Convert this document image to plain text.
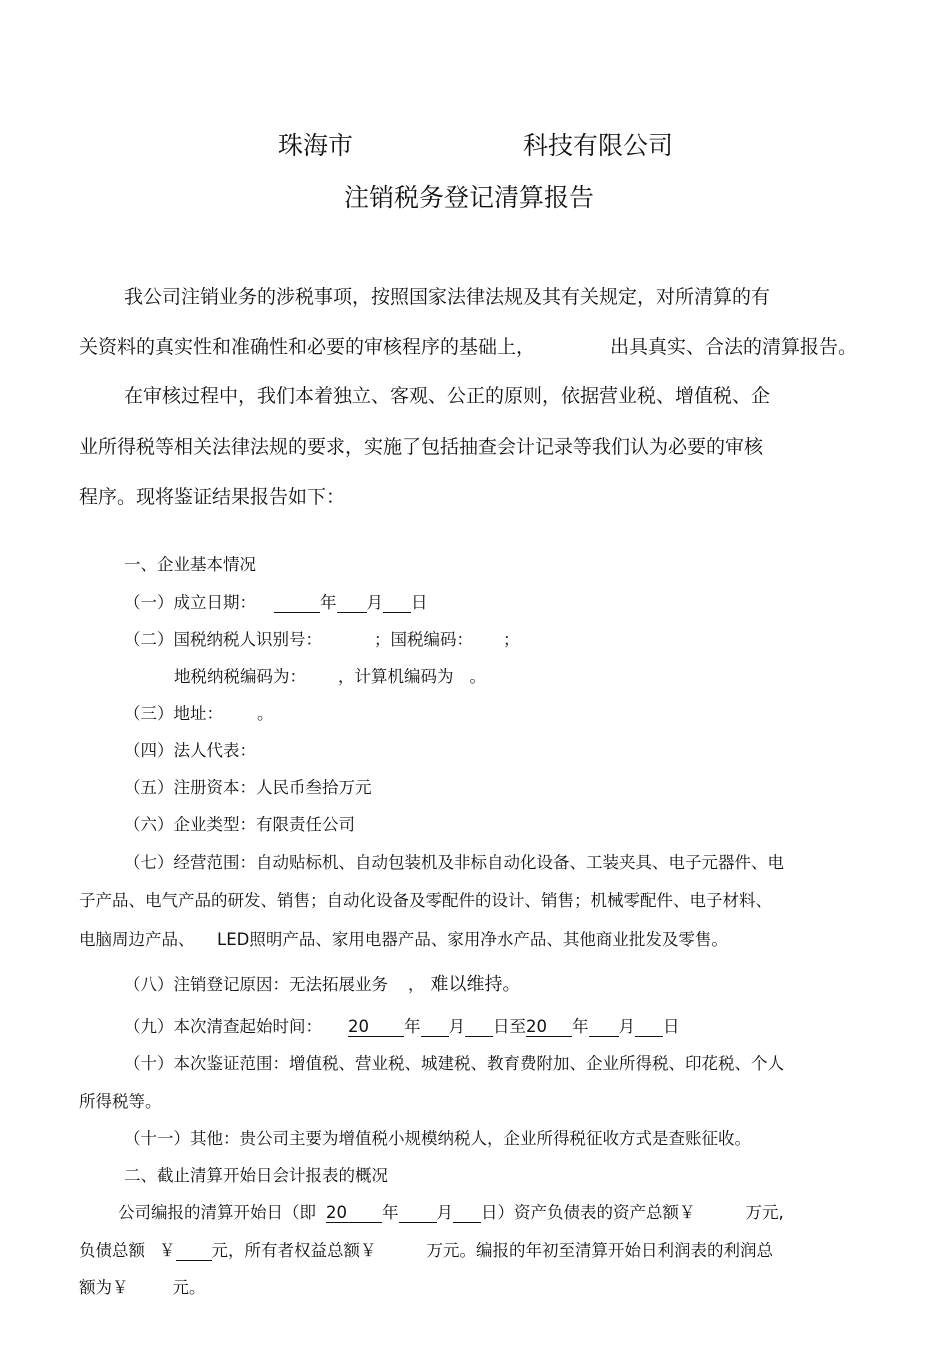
珠海市	科技有限公司
注销税务登记清算报告
我公司注销业务的涉税事项，按照国家法律法规及其有关规定，对所清算的有
关资料的真实性和准确性和必要的审核程序的基础上，	出具真实、合法的清算报告。
在审核过程中，我们本着独立、客观、公正的原则，依据营业税、增值税、企
业所得税等相关法律法规的要求，实施了包括抽查会计记录等我们认为必要的审核
程序。现将鉴证结果报告如下：
一、企业基本情况
（一）成立日期：	年 月 日
（二）国税纳税人识别号：	；国税编码： ；
地税纳税编码为： ，计算机编码为 。
（三）地址： 。
（四）法人代表：
（五）注册资本：人民币叁拾万元
（六）企业类型：有限责任公司
（七）经营范围：自动贴标机、自动包装机及非标自动化设备、工装夹具、电子元器件、电
子产品、电气产品的研发、销售；自动化设备及零配件的设计、销售；机械零配件、电子材料、
电脑周边产品、 LED照明产品、家用电器产品、家用净水产品、其他商业批发及零售。
（八）注销登记原因：无法拓展业务 ， 难以维持。
（九）本次清查起始时间： 20 年 月 日至20 年 月 日
（十）本次鉴证范围：增值税、营业税、城建税、教育费附加、企业所得税、印花税、个人
所得税等。
（十一）其他：贵公司主要为增值税小规模纳税人，企业所得税征收方式是查账征收。
二、截止清算开始日会计报表的概况
公司编报的清算开始日（即 20 年 月 日）资产负债表的资产总额￥	万元,
负债总额 ￥ 元，所有者权益总额￥	万元。编报的年初至清算开始日利润表的利润总
额为￥	元。
